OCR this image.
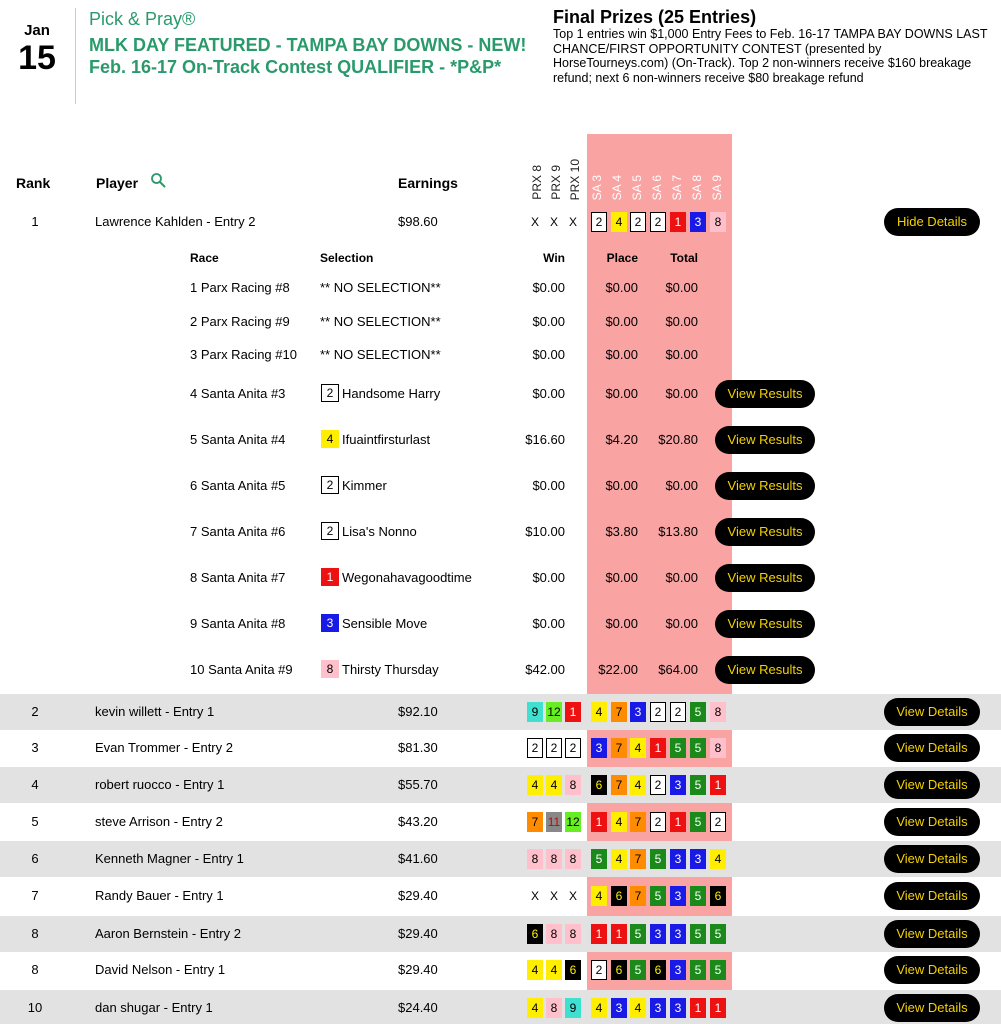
Jan
15
Pick & Pray®
MLK DAY FEATURED - TAMPA BAY DOWNS - NEW! Feb. 16-17 On-Track Contest QUALIFIER - *P&P*
Final Prizes (25 Entries)
Top 1 entries win $1,000 Entry Fees to Feb. 16-17 TAMPA BAY DOWNS LAST CHANCE/FIRST OPPORTUNITY CONTEST (presented by HorseTourneys.com) (On-Track). Top 2 non-winners receive $160 breakage refund; next 6 non-winners receive $80 breakage refund
Rank	Player	Earnings	PRX 8 PRX 9 PRX 10 SA 3 SA 4 SA 5 SA 6 SA 7 SA 8 SA 9
1	Lawrence Kahlden - Entry 2	$98.60	X X X	2	4	2	2	1	3	8	Hide Details
2	kevin willett - Entry 1	$92.10	9 12 1	4	7	3	2	2	5	8	View Details
3	Evan Trommer - Entry 2	$81.30	2	2	2	3	7	4	1	5	5	8	View Details
4	robert ruocco - Entry 1	$55.70	4	4	8	6	7	4	2	3	5	1	View Details
5	steve Arrison - Entry 2	$43.20	7 11 12	1	4	7	2	1	5	2	View Details
6	Kenneth Magner - Entry 1	$41.60	8	8	8	5	4	7	5	3	3	4	View Details
7	Randy Bauer - Entry 1	$29.40	X X X	4	6	7	5	3	5	6	View Details
8	Aaron Bernstein - Entry 2	$29.40	6	8	8	1	1	5	3	3	5	5	View Details
8	David Nelson - Entry 1	$29.40	4	4	6	2	6	5	6	3	5	5	View Details
10	dan shugar - Entry 1	$24.40	4	8	9	4	3	4	3	3	1	1	View Details
Race	Selection	Win	Place	Total
1 Parx Racing #8 ** NO SELECTION**	$0.00	$0.00	$0.00
2 Parx Racing #9 ** NO SELECTION**	$0.00	$0.00	$0.00
3 Parx Racing #10 ** NO SELECTION**	$0.00	$0.00	$0.00
4 Santa Anita #3	2 Handsome Harry	$0.00	$0.00	$0.00	View Results
5 Santa Anita #4	4 Ifuaintfirsturlast	$16.60	$4.20	$20.80	View Results
6 Santa Anita #5	2 Kimmer	$0.00	$0.00	$0.00	View Results
7 Santa Anita #6	2 Lisa's Nonno	$10.00	$3.80	$13.80	View Results
8 Santa Anita #7	1 Wegonahavagoodtime	$0.00	$0.00	$0.00	View Results
9 Santa Anita #8	3 Sensible Move	$0.00	$0.00	$0.00	View Results
10 Santa Anita #9	8 Thirsty Thursday	$42.00	$22.00	$64.00	View Results
